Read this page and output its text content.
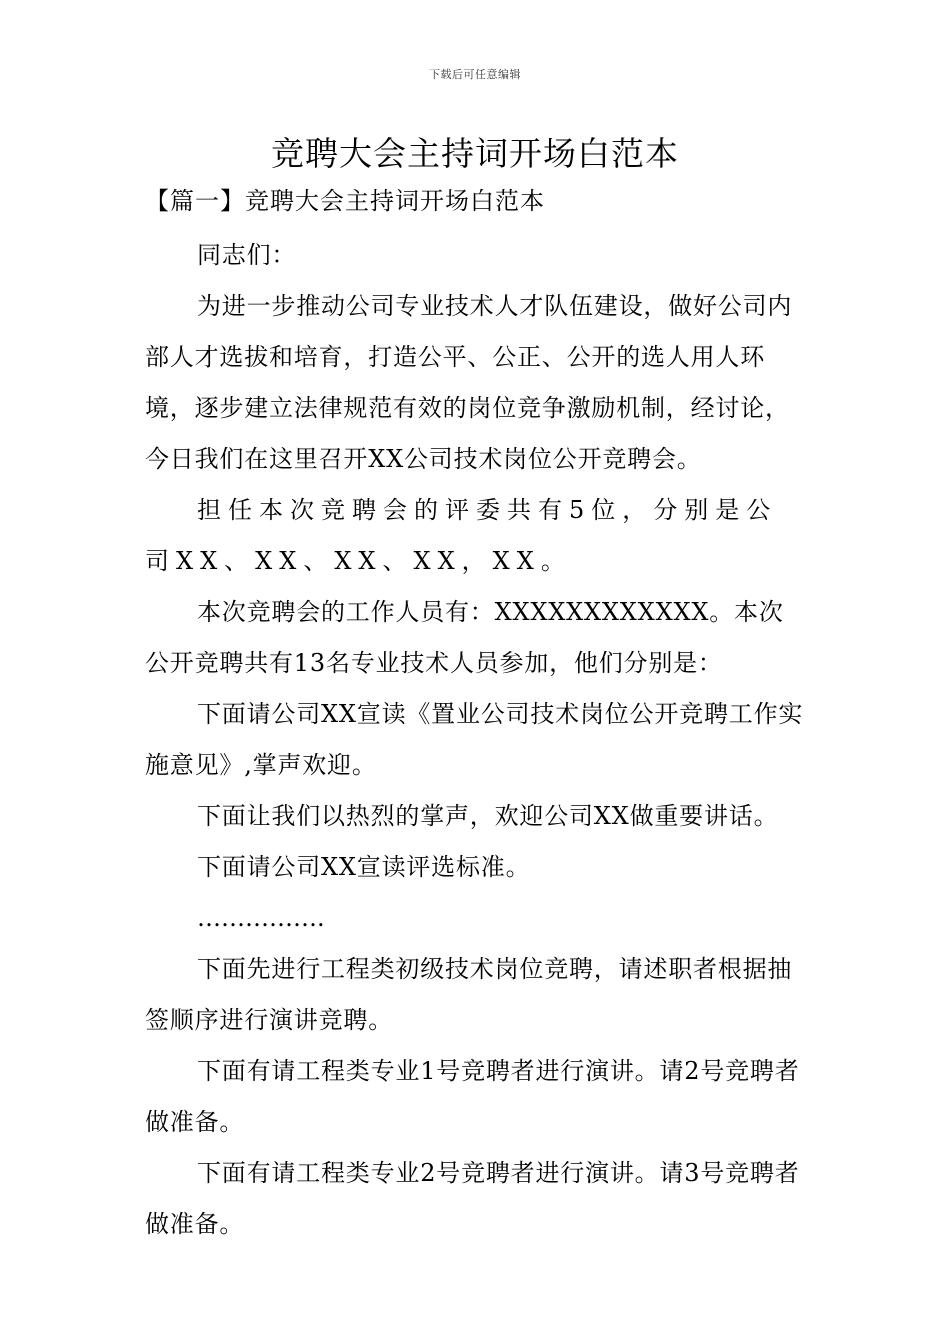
下载后可任意编辑
竞聘大会主持词开场白范本
【篇一】竞聘大会主持词开场白范本

同志们：

为进一步推动公司专业技术人才队伍建设，做好公司内部人才选拔和培育，打造公平、公正、公开的选人用人环境，逐步建立法律规范有效的岗位竞争激励机制，经讨论，今日我们在这里召开XX公司技术岗位公开竞聘会。

担任本次竞聘会的评委共有5位，分别是公司XX、XX、XX、XX，XX。

本次竞聘会的工作人员有：XXXXXXXXXXXX。本次公开竞聘共有13名专业技术人员参加，他们分别是：

下面请公司XX宣读《置业公司技术岗位公开竞聘工作实施意见》,掌声欢迎。

下面让我们以热烈的掌声，欢迎公司XX做重要讲话。

下面请公司XX宣读评选标准。

…………….

下面先进行工程类初级技术岗位竞聘，请述职者根据抽签顺序进行演讲竞聘。

下面有请工程类专业1号竞聘者进行演讲。请2号竞聘者做准备。

下面有请工程类专业2号竞聘者进行演讲。请3号竞聘者做准备。
